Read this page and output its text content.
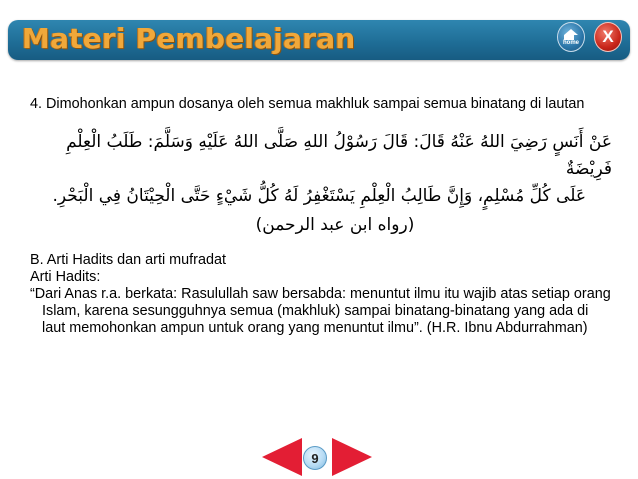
Materi Pembelajaran	home X

4. Dimohonkan ampun dosanya oleh semua makhluk sampai semua binatang di lautan

عَنْ أَنَسٍ رَضِيَ اللهُ عَنْهُ قَالَ: قَالَ رَسُوْلُ اللهِ صَلَّى اللهُ عَلَيْهِ وَسَلَّمَ: طَلَبُ الْعِلْمِ فَرِيْضَةٌ
عَلَى كُلِّ مُسْلِمٍ، وَإِنَّ طَالِبُ الْعِلْمِ يَسْتَغْفِرُ لَهُ كُلُّ شَيْءٍ حَتَّى الْحِيْتَانُ فِي الْبَحْرِ.
(رواه ابن عبد الرحمن)

B. Arti Hadits dan arti mufradat

Arti Hadits:

“Dari Anas r.a. berkata: Rasulullah saw bersabda: menuntut ilmu itu wajib atas setiap orang Islam, karena sesungguhnya semua (makhluk) sampai binatang-binatang yang ada di laut memohonkan ampun untuk orang yang menuntut ilmu”. (H.R. Ibnu Abdurrahman)

9
